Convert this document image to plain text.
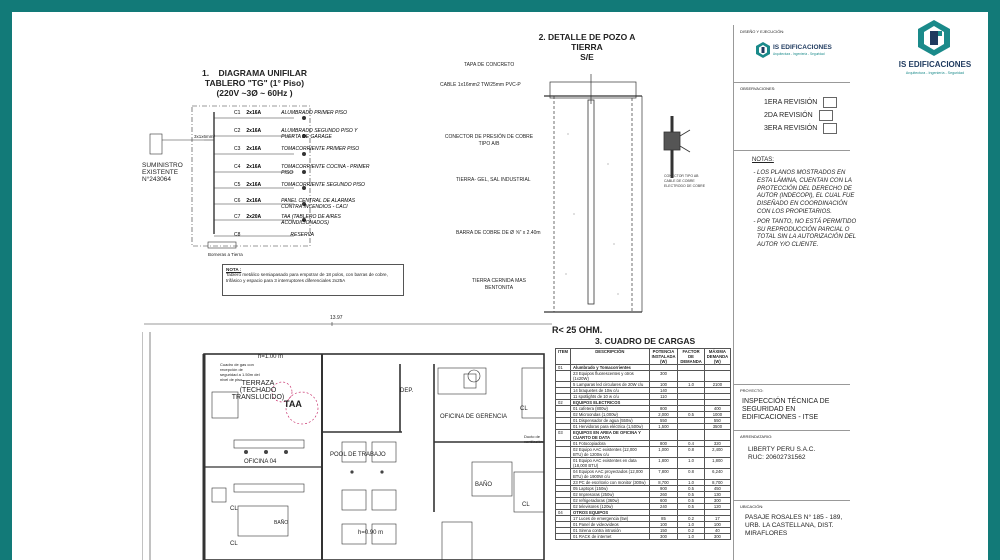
13.97
h=1.00 m
h=0.90 m
Cuadro de gas con recepción de seguridad a 1.50m del nivel de piso
Ducto de ventilación
TERRAZA (TECHADO TRANSLUCIDO)
TAA
DEP.
OFICINA DE GERENCIA
OFICINA 04
POOL DE TRABAJO
BAÑO
BAÑO
CL
CL
CL
CL
1. DIAGRAMA UNIFILAR
TABLERO "TG" (1° Piso)
(220V ~3Ø ~ 60Hz )
SUMINISTRO EXISTENTE
N°243064
3x1x6mm²
C1 2x16A	ALUMBRADO PRIMER PISO
C2 2x16A	ALUMBRADO SEGUNDO PISO Y PUERTA DE GARAGE
C3 2x16A	TOMACORRIENTE PRIMER PISO
C4 2x16A	TOMACORRIENTE COCINA - PRIMER PISO
C5 2x16A	TOMACORRIENTE SEGUNDO PISO
C6 2x16A	PANEL CENTRAL DE ALARMAS CONTRA INCENDIOS - CACI
C7 2x20A	TAA (TABLERO DE AIRES ACONDICIONADOS)
C8	RESERVA
Borneras a Tierra
NOTA :
Tablero metálico semiapasado para empotrar de 18 polos, con barras de cobre, trifásico y espacio para 3 interruptores diferenciales 2x25A
2. DETALLE DE POZO A TIERRA
S/E
CONECTOR TIPO AB
CABLE DE COBRE
ELECTRODO DE COBRE
TAPA DE CONCRETO
CABLE 1x16mm2 TW/25mm PVC-P
CONECTOR DE PRESIÓN DE COBRE TIPO A/B
TIERRA- GEL, SAL INDUSTRIAL
BARRA DE COBRE DE Ø ⅝" x 2.40m
TIERRA CERNIDA MAS BENTONITA
R< 25 OHM.
3. CUADRO DE CARGAS
ITEM	DESCRIPCIÓN	POTENCIA INSTALADA (W)	FACTOR DE DEMANDA	MÁXIMA DEMANDA (W)
01	Alumbrado y Tomacorrientes			
	23 Equipos fluorescentes y otros (1x20W)	300		
	5 Lamparas led circulares de 20W c/u	100	1.0	2100
	14 braquetes de 10w c/u	140		
	11 spotlights de 10 w c/u	110		
02	EQUIPOS ELECTRICOS			
	01 cafetera (800w)	800		400
	02 Microondas (1,000w)	2,000	0.5	1000
	01 Dispensador de agua (550w)	550		550
	01 Hervidoras para eléctrica (1,500w)	1,500		3500
03	EQUIPOS EN AREA DE OFICINA Y CUARTO DE DATA			
	01 Fotocopiadora	800	0.4	320
	02 Equipo AAC existentes (12,000 BTU) de 1200w c/u	1,000	0.8	2,400
	01 Equipo AAC existentes en data (18,000 BTU)	1,800	1.0	1,800
	04 Equipos AAC proyectados (12,000 BTU) de 1900W c/u	7,800	0.8	6,240
	23 PC de escritorio con monitor (300w)	8,700	1.0	8,700
	05 Laptops (150w)	900	0.5	450
	02 Impresoras (250w)	260	0.5	130
	02 refrigeradoras (360w)	600	0.5	300
	02 televisores (120w)	240	0.5	120
04	OTROS EQUIPOS			
	17 Luces de emergencia (5w)	85	0.2	17
	01 Panel de videovideos	100	1.0	100
	01 Sirena contra intrusión	150	0.2	40
	01 RACK de internet	300	1.0	300
DISEÑO Y EJECUCIÓN:
IS EDIFICACIONES
Arquitectura - Ingeniería - Seguridad
OBSERVACIONES:
1ERA REVISIÓN
2DA REVISIÓN
3ERA REVISIÓN
NOTAS:
- LOS PLANOS MOSTRADOS EN ESTA LÁMINA, CUENTAN CON LA PROTECCIÓN DEL DERECHO DE AUTOR (INDECOPI), EL CUAL FUE DISEÑADO EN COORDINACIÓN CON LOS PROPIETARIOS.
- POR TANTO, NO ESTÁ PERMITIDO SU REPRODUCCIÓN PARCIAL O TOTAL SIN LA AUTORIZACIÓN DEL AUTOR Y/O CLIENTE.
PROYECTO:
INSPECCIÓN TÉCNICA DE SEGURIDAD EN EDIFICACIONES - ITSE
ARRENDATARIO:
LIBERTY PERU S.A.C.
RUC: 20602731562
UBICACIÓN:
PASAJE ROSALES N° 185 - 189, URB. LA CASTELLANA, DIST. MIRAFLORES
IS EDIFICACIONES
Arquitectura - Ingeniería - Seguridad
